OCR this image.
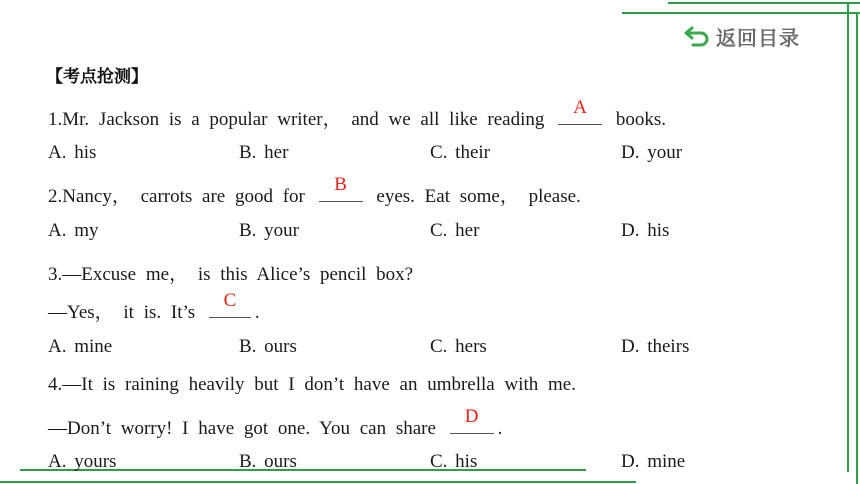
返回目录
【考点抢测】
1.Mr. Jackson is a popular writer， and we all like reading
A
books.
A. his	B. her	C. their	D. your
2.Nancy， carrots are good for
B
eyes. Eat some， please.
A. my	B. your	C. her	D. his
3.—Excuse me， is this Alice’s pencil box?
—Yes， it is. It’s
C
.
A. mine	B. ours	C. hers	D. theirs
4.—It is raining heavily but I don’t have an umbrella with me.
—Don’t worry! I have got one. You can share
D
.
A. yours	B. ours	C. his	D. mine
